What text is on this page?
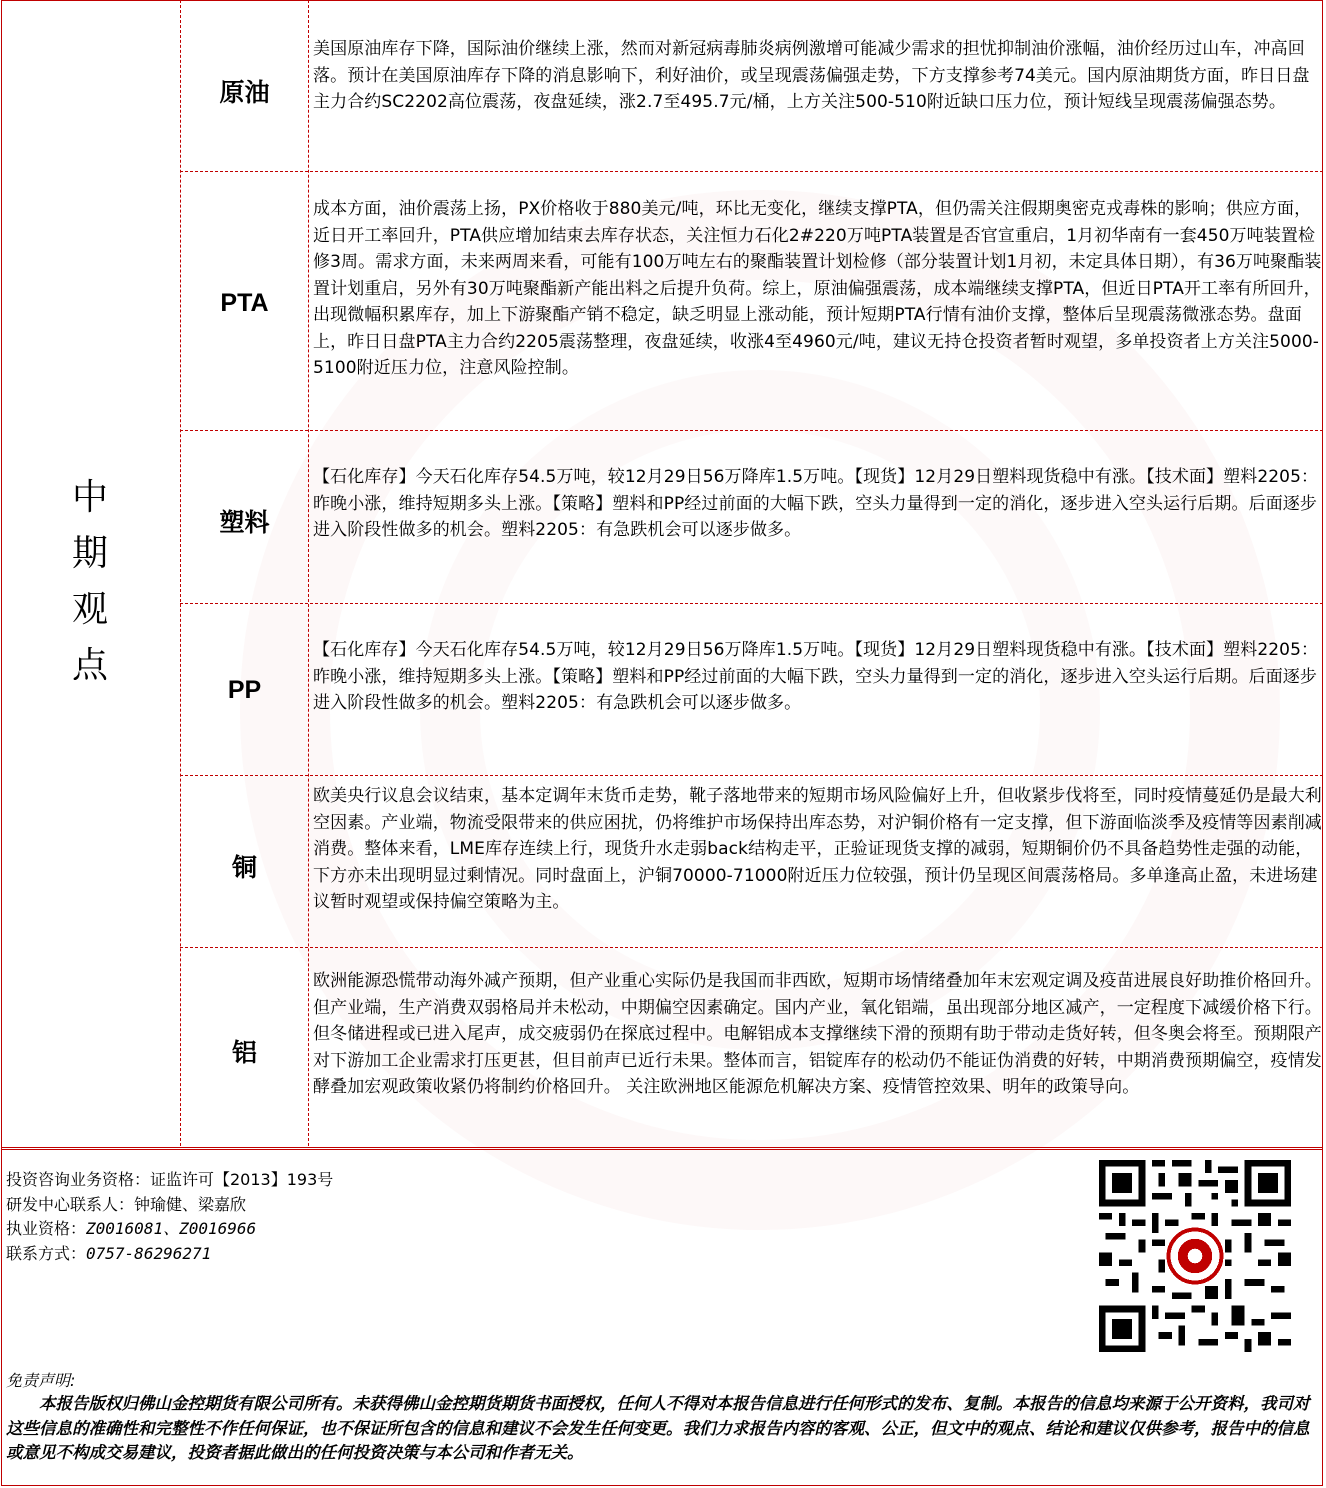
中期观点
原油
PTA
塑料
PP
铜
铝
美国原油库存下降，国际油价继续上涨，然而对新冠病毒肺炎病例激增可能减少需求的担忧抑制油价涨幅，油价经历过山车，冲高回落。预计在美国原油库存下降的消息影响下，利好油价，或呈现震荡偏强走势，下方支撑参考74美元。国内原油期货方面，昨日日盘主力合约SC2202高位震荡，夜盘延续，涨2.7至495.7元/桶，上方关注500-510附近缺口压力位，预计短线呈现震荡偏强态势。
成本方面，油价震荡上扬，PX价格收于880美元/吨，环比无变化，继续支撑PTA，但仍需关注假期奥密克戎毒株的影响；供应方面，近日开工率回升，PTA供应增加结束去库存状态，关注恒力石化2#220万吨PTA装置是否官宣重启，1月初华南有一套450万吨装置检修3周。需求方面，未来两周来看，可能有100万吨左右的聚酯装置计划检修（部分装置计划1月初，未定具体日期），有36万吨聚酯装置计划重启，另外有30万吨聚酯新产能出料之后提升负荷。综上，原油偏强震荡，成本端继续支撑PTA，但近日PTA开工率有所回升，出现微幅积累库存，加上下游聚酯产销不稳定，缺乏明显上涨动能，预计短期PTA行情有油价支撑，整体后呈现震荡微涨态势。盘面上，昨日日盘PTA主力合约2205震荡整理，夜盘延续，收涨4至4960元/吨，建议无持仓投资者暂时观望，多单投资者上方关注5000-5100附近压力位，注意风险控制。
【石化库存】今天石化库存54.5万吨，较12月29日56万降库1.5万吨。【现货】12月29日塑料现货稳中有涨。【技术面】塑料2205：昨晚小涨，维持短期多头上涨。【策略】塑料和PP经过前面的大幅下跌，空头力量得到一定的消化，逐步进入空头运行后期。后面逐步进入阶段性做多的机会。塑料2205：有急跌机会可以逐步做多。
【石化库存】今天石化库存54.5万吨，较12月29日56万降库1.5万吨。【现货】12月29日塑料现货稳中有涨。【技术面】塑料2205：昨晚小涨，维持短期多头上涨。【策略】塑料和PP经过前面的大幅下跌，空头力量得到一定的消化，逐步进入空头运行后期。后面逐步进入阶段性做多的机会。塑料2205：有急跌机会可以逐步做多。
欧美央行议息会议结束，基本定调年末货币走势，靴子落地带来的短期市场风险偏好上升，但收紧步伐将至，同时疫情蔓延仍是最大利空因素。产业端，物流受限带来的供应困扰，仍将维护市场保持出库态势，对沪铜价格有一定支撑，但下游面临淡季及疫情等因素削减消费。整体来看，LME库存连续上行，现货升水走弱back结构走平，正验证现货支撑的减弱，短期铜价仍不具备趋势性走强的动能，下方亦未出现明显过剩情况。同时盘面上，沪铜70000-71000附近压力位较强，预计仍呈现区间震荡格局。多单逢高止盈，未进场建议暂时观望或保持偏空策略为主。
欧洲能源恐慌带动海外减产预期，但产业重心实际仍是我国而非西欧，短期市场情绪叠加年末宏观定调及疫苗进展良好助推价格回升。但产业端，生产消费双弱格局并未松动，中期偏空因素确定。国内产业，氧化铝端，虽出现部分地区减产，一定程度下减缓价格下行。但冬储进程或已进入尾声，成交疲弱仍在探底过程中。电解铝成本支撑继续下滑的预期有助于带动走货好转，但冬奥会将至。预期限产对下游加工企业需求打压更甚，但目前声已近行未果。整体而言，铝锭库存的松动仍不能证伪消费的好转，中期消费预期偏空，疫情发酵叠加宏观政策收紧仍将制约价格回升。 关注欧洲地区能源危机解决方案、疫情管控效果、明年的政策导向。
投资咨询业务资格：证监许可【2013】193号
研发中心联系人：钟瑜健、梁嘉欣
执业资格：Z0016081、Z0016966
联系方式：0757-86296271
免责声明:
本报告版权归佛山金控期货有限公司所有。未获得佛山金控期货期货书面授权，任何人不得对本报告信息进行任何形式的发布、复制。本报告的信息均来源于公开资料，我司对这些信息的准确性和完整性不作任何保证，也不保证所包含的信息和建议不会发生任何变更。我们力求报告内容的客观、公正，但文中的观点、结论和建议仅供参考，报告中的信息或意见不构成交易建议，投资者据此做出的任何投资决策与本公司和作者无关。
